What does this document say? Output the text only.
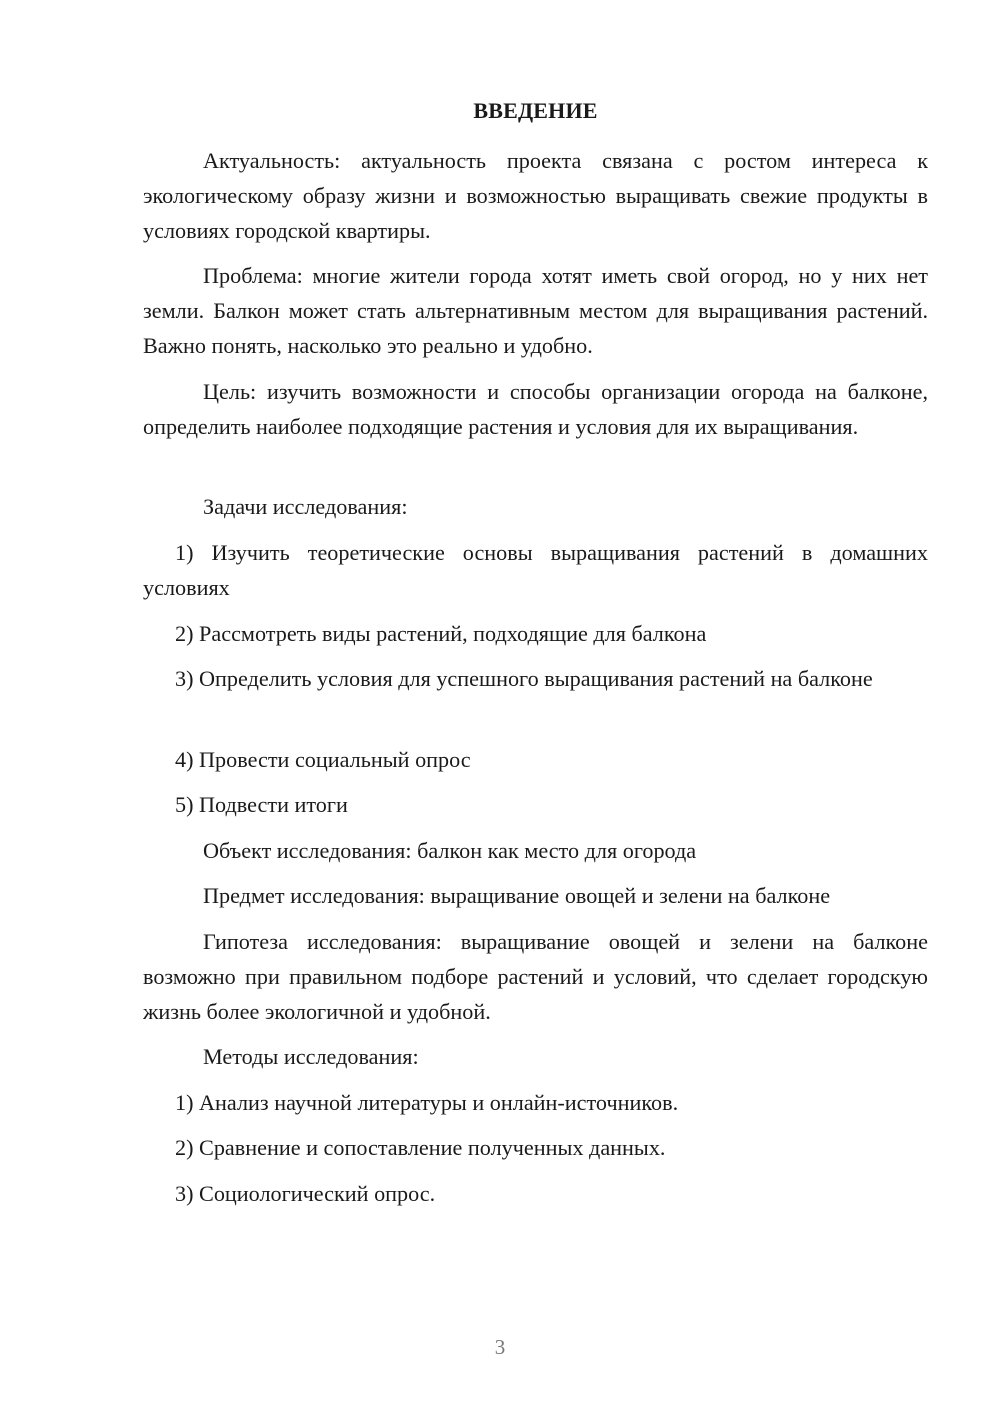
ВВЕДЕНИЕ

Актуальность: актуальность проекта связана с ростом интереса к экологическому образу жизни и возможностью выращивать свежие продукты в условиях городской квартиры.

Проблема: многие жители города хотят иметь свой огород, но у них нет земли. Балкон может стать альтернативным местом для выращивания растений. Важно понять, насколько это реально и удобно.

Цель: изучить возможности и способы организации огорода на балконе, определить наиболее подходящие растения и условия для их выращивания.

Задачи исследования:

1) Изучить теоретические основы выращивания растений в домашних условиях

2) Рассмотреть виды растений, подходящие для балкона

3) Определить условия для успешного выращивания растений на балконе

4) Провести социальный опрос

5) Подвести итоги

Объект исследования: балкон как место для огорода

Предмет исследования: выращивание овощей и зелени на балконе

Гипотеза исследования: выращивание овощей и зелени на балконе возможно при правильном подборе растений и условий, что сделает городскую жизнь более экологичной и удобной.

Методы исследования:

1) Анализ научной литературы и онлайн-источников.

2) Сравнение и сопоставление полученных данных.

3) Социологический опрос.

3
